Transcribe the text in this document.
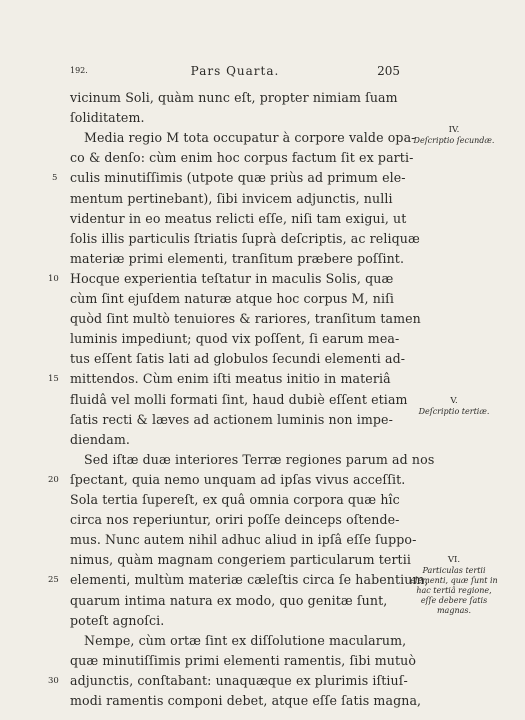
192.	Pars Quarta.	205
vicinum Soli, quàm nunc eſt, propter nimiam ſuam
ſoliditatem.
Media regio M tota occupatur à corpore valde opa-
co & denſo: cùm enim hoc corpus factum ſit ex parti-
culis minutiſſimis (utpote quæ priùs ad primum ele-
mentum pertinebant), ſibi invicem adjunctis, nulli
videntur in eo meatus relicti eſſe, niſi tam exigui, ut
ſolis illis particulis ſtriatis ſuprà deſcriptis, ac reliquæ
materiæ primi elementi, tranſitum præbere poſſint.
Hocque experientia teſtatur in maculis Solis, quæ
cùm ſint ejuſdem naturæ atque hoc corpus M, niſi
quòd ſint multò tenuiores & rariores, tranſitum tamen
luminis impediunt; quod vix poſſent, ſi earum mea-
tus eſſent ſatis lati ad globulos ſecundi elementi ad-
mittendos. Cùm enim iſti meatus initio in materiâ
fluidâ vel molli formati ſint, haud dubiè eſſent etiam
ſatis recti & læves ad actionem luminis non impe-
diendam.
Sed iſtæ duæ interiores Terræ regiones parum ad nos
ſpectant, quia nemo unquam ad ipſas vivus acceſſit.
Sola tertia ſupereſt, ex quâ omnia corpora quæ hîc
circa nos reperiuntur, oriri poſſe deinceps oſtende-
mus. Nunc autem nihil adhuc aliud in ipſâ eſſe ſuppo-
nimus, quàm magnam congeriem particularum tertii
elementi, multùm materiæ cæleſtis circa ſe habentium,
quarum intima natura ex modo, quo genitæ ſunt,
poteſt agnoſci.
Nempe, cùm ortæ ſint ex diſſolutione macularum,
quæ minutiſſimis primi elementi ramentis, ſibi mutuò
adjunctis, conſtabant: unaquæque ex plurimis iſtiuſ-
modi ramentis componi debet, atque eſſe ſatis magna,
5
10
15
20
25
30
IV.
Deſcriptio ſecundæ.
V.
Deſcriptio tertiæ.
VI.
Particulas tertii elementi, quæ ſunt in hac tertiâ regione, eſſe debere ſatis magnas.
